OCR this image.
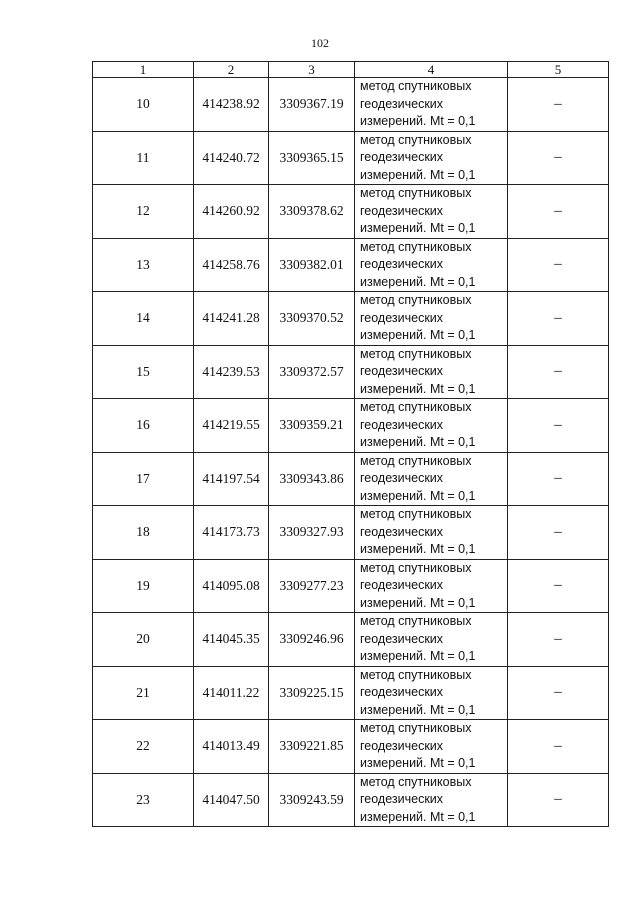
102
1	2	3	4	5
10	414238.92	3309367.19	метод спутниковых
геодезических
измерений. Mt = 0,1	–
11	414240.72	3309365.15	метод спутниковых
геодезических
измерений. Mt = 0,1	–
12	414260.92	3309378.62	метод спутниковых
геодезических
измерений. Mt = 0,1	–
13	414258.76	3309382.01	метод спутниковых
геодезических
измерений. Mt = 0,1	–
14	414241.28	3309370.52	метод спутниковых
геодезических
измерений. Mt = 0,1	–
15	414239.53	3309372.57	метод спутниковых
геодезических
измерений. Mt = 0,1	–
16	414219.55	3309359.21	метод спутниковых
геодезических
измерений. Mt = 0,1	–
17	414197.54	3309343.86	метод спутниковых
геодезических
измерений. Mt = 0,1	–
18	414173.73	3309327.93	метод спутниковых
геодезических
измерений. Mt = 0,1	–
19	414095.08	3309277.23	метод спутниковых
геодезических
измерений. Mt = 0,1	–
20	414045.35	3309246.96	метод спутниковых
геодезических
измерений. Mt = 0,1	–
21	414011.22	3309225.15	метод спутниковых
геодезических
измерений. Mt = 0,1	–
22	414013.49	3309221.85	метод спутниковых
геодезических
измерений. Mt = 0,1	–
23	414047.50	3309243.59	метод спутниковых
геодезических
измерений. Mt = 0,1	–
